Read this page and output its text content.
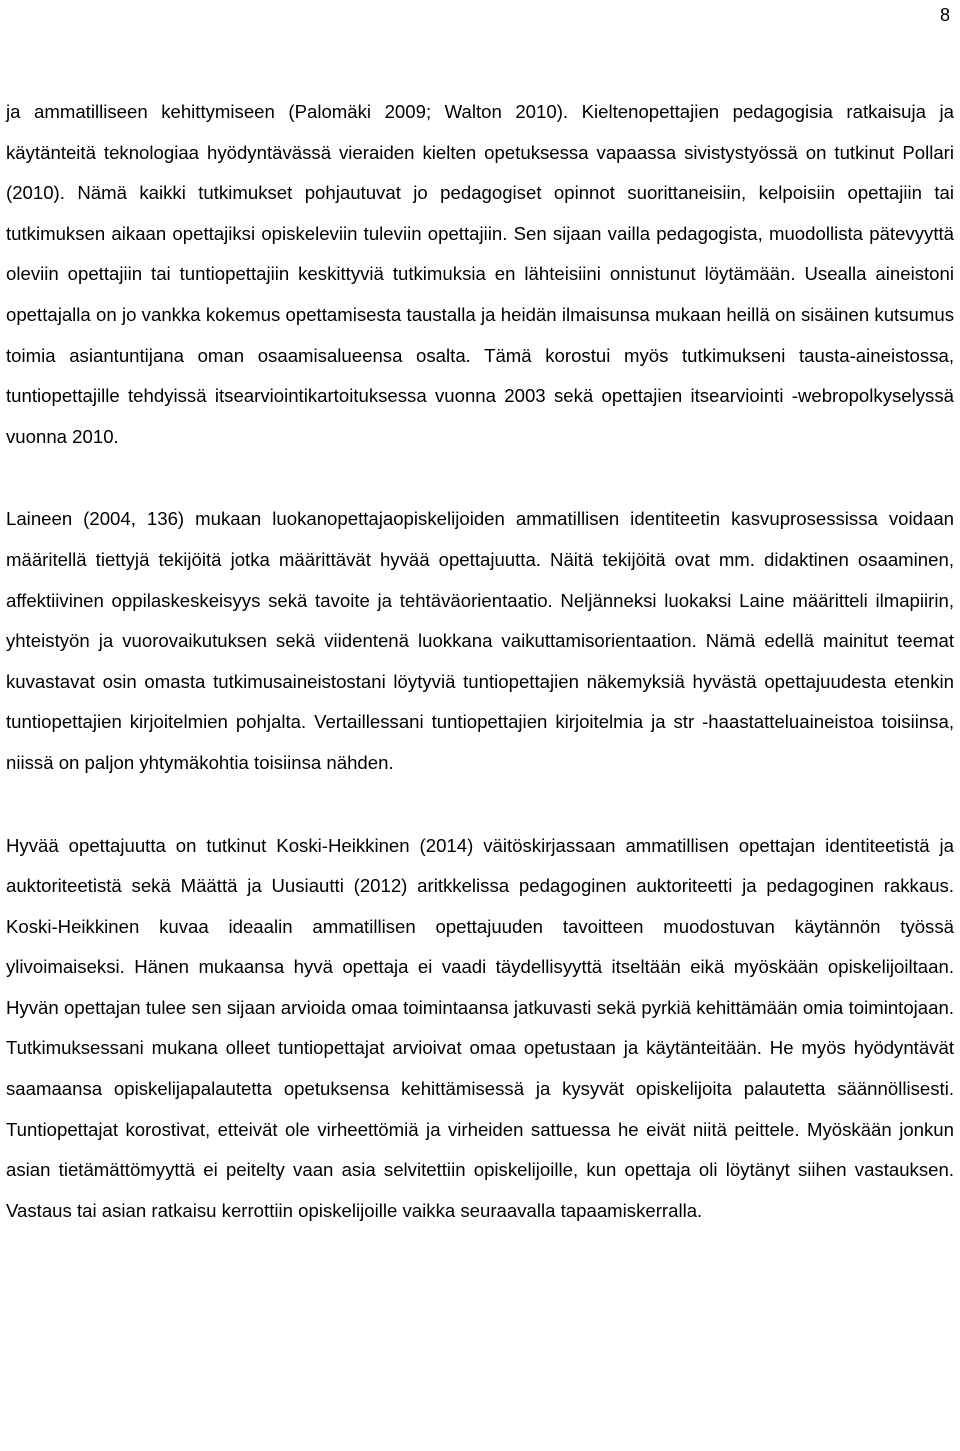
8

ja ammatilliseen kehittymiseen (Palomäki 2009; Walton 2010). Kieltenopettajien pedagogisia ratkaisuja ja käytänteitä teknologiaa hyödyntävässä vieraiden kielten opetuksessa vapaassa sivistystyössä on tutkinut Pollari (2010). Nämä kaikki tutkimukset pohjautuvat jo pedagogiset opinnot suorittaneisiin, kelpoisiin opettajiin tai tutkimuksen aikaan opettajiksi opiskeleviin tuleviin opettajiin. Sen sijaan vailla pedagogista, muodollista pätevyyttä oleviin opettajiin tai tuntiopettajiin keskittyviä tutkimuksia en lähteisiini onnistunut löytämään. Usealla aineistoni opettajalla on jo vankka kokemus opettamisesta taustalla ja heidän ilmaisunsa mukaan heillä on sisäinen kutsumus toimia asiantuntijana oman osaamisalueensa osalta. Tämä korostui myös tutkimukseni tausta-aineistossa, tuntiopettajille tehdyissä itsearviointikartoituksessa vuonna 2003 sekä opettajien itsearviointi -webropolkyselyssä vuonna 2010.

Laineen (2004, 136) mukaan luokanopettajaopiskelijoiden ammatillisen identiteetin kasvuprosessissa voidaan määritellä tiettyjä tekijöitä jotka määrittävät hyvää opettajuutta. Näitä tekijöitä ovat mm. didaktinen osaaminen, affektiivinen oppilaskeskeisyys sekä tavoite ja tehtäväorientaatio. Neljänneksi luokaksi Laine määritteli ilmapiirin, yhteistyön ja vuorovaikutuksen sekä viidentenä luokkana vaikuttamisorientaation. Nämä edellä mainitut teemat kuvastavat osin omasta tutkimusaineistostani löytyviä tuntiopettajien näkemyksiä hyvästä opettajuudesta etenkin tuntiopettajien kirjoitelmien pohjalta. Vertaillessani tuntiopettajien kirjoitelmia ja str -haastatteluaineistoa toisiinsa, niissä on paljon yhtymäkohtia toisiinsa nähden.

Hyvää opettajuutta on tutkinut Koski-Heikkinen (2014) väitöskirjassaan ammatillisen opettajan identiteetistä ja auktoriteetistä sekä Määttä ja Uusiautti (2012) aritkkelissa pedagoginen auktoriteetti ja pedagoginen rakkaus. Koski-Heikkinen kuvaa ideaalin ammatillisen opettajuuden tavoitteen muodostuvan käytännön työssä ylivoimaiseksi. Hänen mukaansa hyvä opettaja ei vaadi täydellisyyttä itseltään eikä myöskään opiskelijoiltaan. Hyvän opettajan tulee sen sijaan arvioida omaa toimintaansa jatkuvasti sekä pyrkiä kehittämään omia toimintojaan. Tutkimuksessani mukana olleet tuntiopettajat arvioivat omaa opetustaan ja käytänteitään. He myös hyödyntävät saamaansa opiskelijapalautetta opetuksensa kehittämisessä ja kysyvät opiskelijoita palautetta säännöllisesti. Tuntiopettajat korostivat, etteivät ole virheettömiä ja virheiden sattuessa he eivät niitä peittele. Myöskään jonkun asian tietämättömyyttä ei peitelty vaan asia selvitettiin opiskelijoille, kun opettaja oli löytänyt siihen vastauksen. Vastaus tai asian ratkaisu kerrottiin opiskelijoille vaikka seuraavalla tapaamiskerralla.
